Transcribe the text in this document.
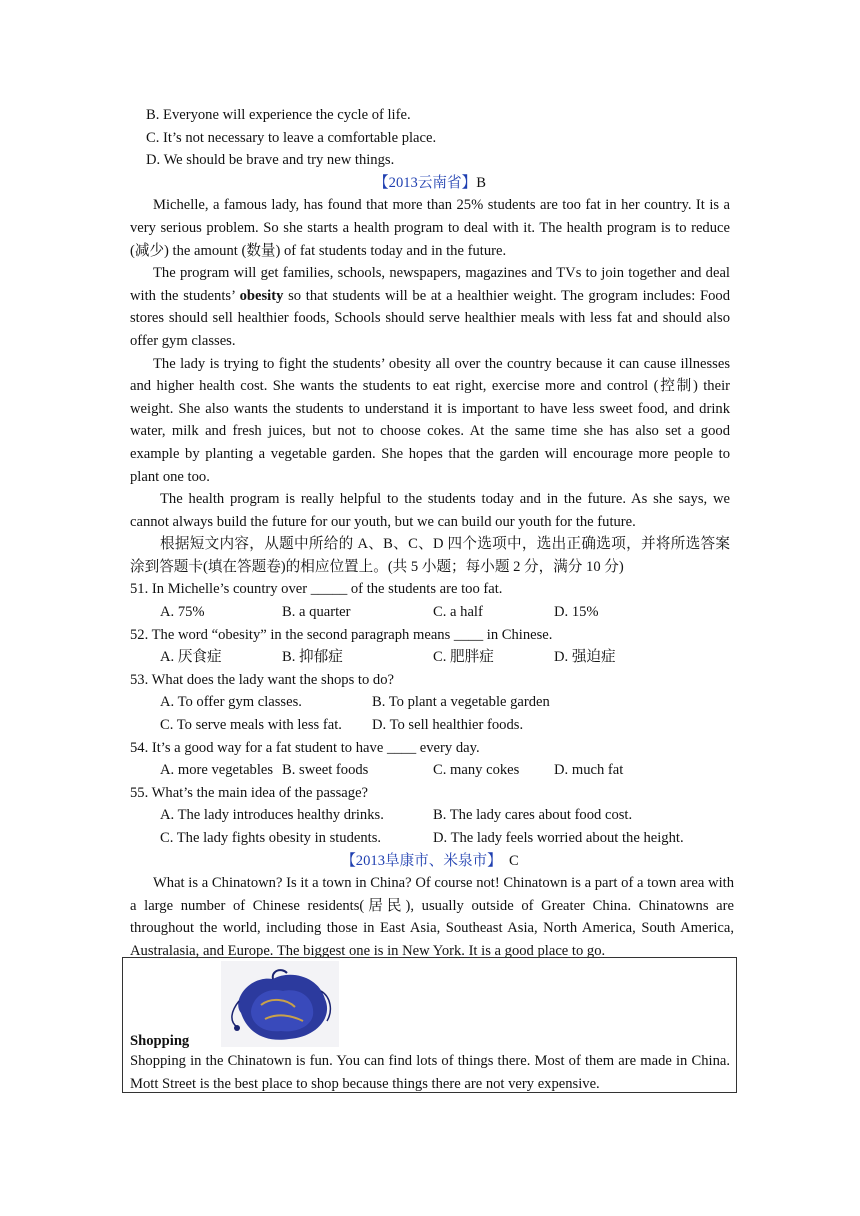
B. Everyone will experience the cycle of life.

C. It’s not necessary to leave a comfortable place.

D. We should be brave and try new things.

【2013云南省】B

Michelle, a famous lady, has found that more than 25% students are too fat in her country. It is a very serious problem. So she starts a health program to deal with it. The health program is to reduce (减少) the amount (数量) of fat students today and in the future.

The program will get families, schools, newspapers, magazines and TVs to join together and deal with the students’ obesity so that students will be at a healthier weight. The grogram includes: Food stores should sell healthier foods, Schools should serve healthier meals with less fat and should also offer gym classes.

The lady is trying to fight the students’ obesity all over the country because it can cause illnesses and higher health cost. She wants the students to eat right, exercise more and control (控制) their weight. She also wants the students to understand it is important to have less sweet food, and drink water, milk and fresh juices, but not to choose cokes. At the same time she has also set a good example by planting a vegetable garden. She hopes that the garden will encourage more people to plant one too.

The health program is really helpful to the students today and in the future. As she says, we cannot always build the future for our youth, but we can build our youth for the future.

根据短文内容，从题中所给的 A、B、C、D 四个选项中，选出正确选项，并将所选答案涂到答题卡(填在答题卷)的相应位置上。(共 5 小题；每小题 2 分，满分 10 分)

51. In Michelle’s country over _____ of the students are too fat.

A. 75%	B. a quarter	C. a half	D. 15%

52. The word “obesity” in the second paragraph means ____ in Chinese.

A. 厌食症	B. 抑郁症	C. 肥胖症	D. 强迫症

53. What does the lady want the shops to do?

A. To offer gym classes.	B. To plant a vegetable garden
C. To serve meals with less fat.	D. To sell healthier foods.

54. It’s a good way for a fat student to have ____ every day.

A. more vegetables B. sweet foods	C. many cokes	D. much fat

55. What’s the main idea of the passage?

A. The lady introduces healthy drinks.	B. The lady cares about food cost.
C. The lady fights obesity in students.	D. The lady feels worried about the height.

【2013阜康市、米泉市】 C

What is a Chinatown? Is it a town in China? Of course not! Chinatown is a part of a town area with a large number of Chinese residents(居民), usually outside of Greater China. Chinatowns are throughout the world, including those in East Asia, Southeast Asia, North America, South America, Australasia, and Europe. The biggest one is in New York. It is a good place to go.

Shopping

Shopping in the Chinatown is fun. You can find lots of things there. Most of them are made in China. Mott Street is the best place to shop because things there are not very expensive.
